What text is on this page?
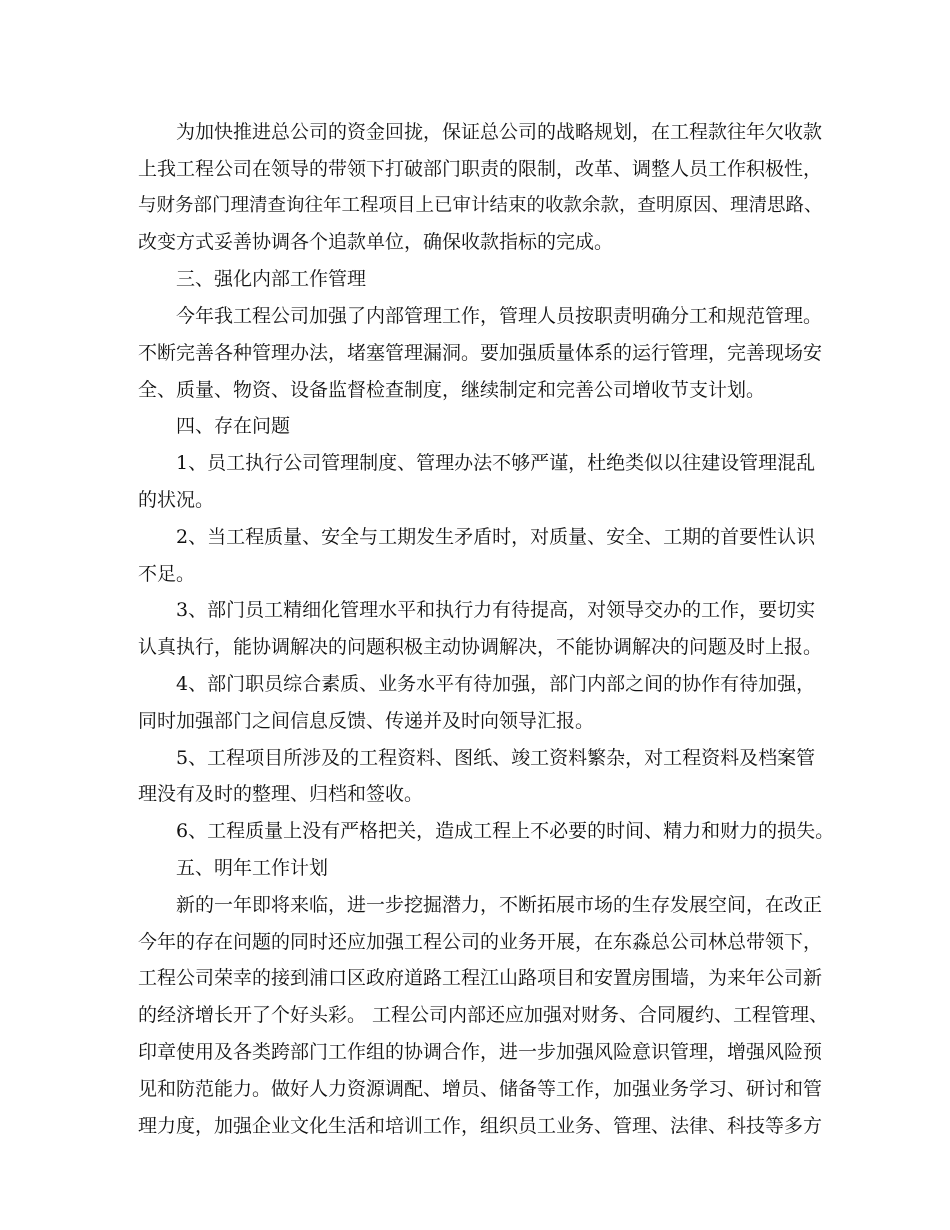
为加快推进总公司的资金回拢，保证总公司的战略规划，在工程款往年欠收款
上我工程公司在领导的带领下打破部门职责的限制，改革、调整人员工作积极性，
与财务部门理清查询往年工程项目上已审计结束的收款余款，查明原因、理清思路、
改变方式妥善协调各个追款单位，确保收款指标的完成。
三、强化内部工作管理
今年我工程公司加强了内部管理工作，管理人员按职责明确分工和规范管理。
不断完善各种管理办法，堵塞管理漏洞。要加强质量体系的运行管理，完善现场安
全、质量、物资、设备监督检查制度，继续制定和完善公司增收节支计划。
四、存在问题
1、员工执行公司管理制度、管理办法不够严谨，杜绝类似以往建设管理混乱
的状况。
2、当工程质量、安全与工期发生矛盾时，对质量、安全、工期的首要性认识
不足。
3、部门员工精细化管理水平和执行力有待提高，对领导交办的工作，要切实
认真执行，能协调解决的问题积极主动协调解决，不能协调解决的问题及时上报。
4、部门职员综合素质、业务水平有待加强，部门内部之间的协作有待加强，
同时加强部门之间信息反馈、传递并及时向领导汇报。
5、工程项目所涉及的工程资料、图纸、竣工资料繁杂，对工程资料及档案管
理没有及时的整理、归档和签收。
6、工程质量上没有严格把关，造成工程上不必要的时间、精力和财力的损失。
五、明年工作计划
新的一年即将来临，进一步挖掘潜力，不断拓展市场的生存发展空间，在改正
今年的存在问题的同时还应加强工程公司的业务开展，在东淼总公司林总带领下，
工程公司荣幸的接到浦口区政府道路工程江山路项目和安置房围墙，为来年公司新
的经济增长开了个好头彩。 工程公司内部还应加强对财务、合同履约、工程管理、
印章使用及各类跨部门工作组的协调合作，进一步加强风险意识管理，增强风险预
见和防范能力。做好人力资源调配、增员、储备等工作，加强业务学习、研讨和管
理力度，加强企业文化生活和培训工作，组织员工业务、管理、法律、科技等多方
